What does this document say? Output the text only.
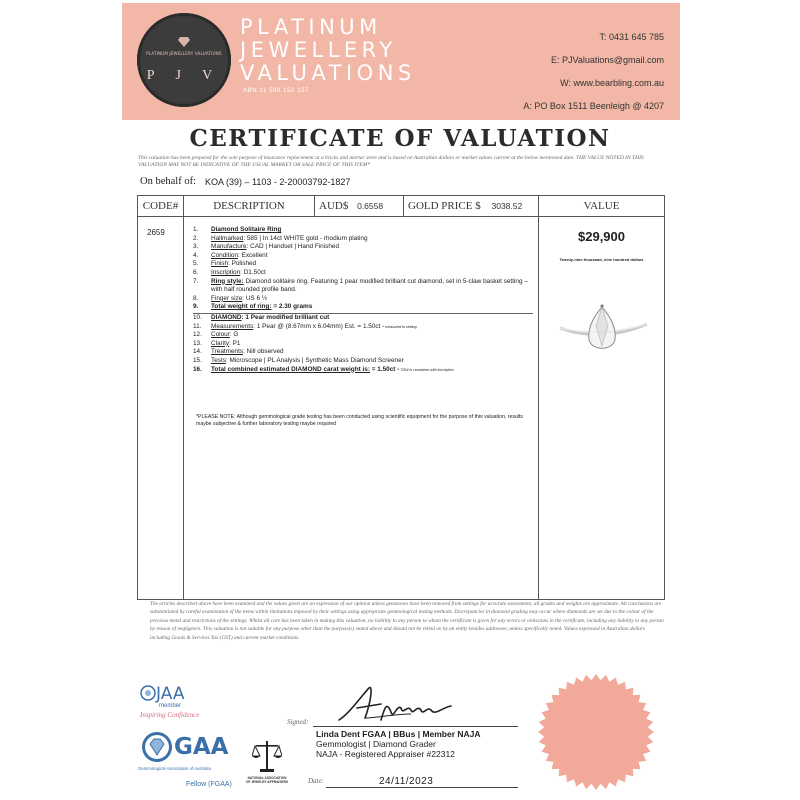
PLATINUM JEWELLERY VALUATIONS
P J V
PLATINUM
JEWELLERY
VALUATIONS
ABN 11 588 152 157
T: 0431 645 785
E: PJValuations@gmail.com
W: www.bearbling.com.au
A: PO Box 1511 Beenleigh @ 4207
CERTIFICATE OF VALUATION
This valuation has been prepared for the sole purpose of insurance replacement at a bricks and mortar store and is based on Australian dollars or market values current at the below mentioned date. THE VALUE NOTED IN THIS VALUATION MAY NOT BE INDICATIVE OF THE USUAL MARKET OR SALE PRICE OF THIS ITEM*
On behalf of: KOA (39) – 1103 - 2-20003792-1827
CODE#	DESCRIPTION	AUD$ 0.6558	GOLD PRICE $ 3038.52	VALUE
2659	1. Diamond Solitaire Ring
2. Hallmarked: 585 | In 14ct WHITE gold - rhodium plating
3. Manufacture: CAD | Handset | Hand Finished
4. Condition: Excellent
5. Finish: Polished
6. Inscription: D1.50ct
7. Ring style: Diamond solitaire ring. Featuring 1 pear modified brilliant cut diamond, set in 5-claw basket setting – with half rounded profile band.
8. Finger size: US 6 ½
9. Total weight of ring: = 2.30 grams
10. DIAMOND: 1 Pear modified brilliant cut
11. Measurements: 1 Pear @ (8.67mm x 6.04mm) Est. = 1.50ct - measured in setting
12. Colour: G
13. Clarity: P1
14. Treatments: Nill observed
15. Tests: Microscope | PL Analysis | Synthetic Mass Diamond Screener
16. Total combined estimated DIAMOND carat weight is: = 1.50ct - TDW is consistent with inscription
*PLEASE NOTE: Although gemmological grade testing has been conducted using scientific equipment for the purpose of this valuation, results maybe subjective & further laboratory testing maybe required
$29,900
Twenty-nine thousand, nine hundred dollars
The articles described above have been examined and the values given are an expression of our opinion unless gemstones have been removed from settings for accurate assessment, all grades and weights are approximate. All conclusions are substantiated by careful examination of the items within limitations imposed by their settings using appropriate gemmological testing methods. Discrepancies in diamond grading may occur where diamonds are set due to the colour of the precious metal and restrictions of the settings. Whilst all care has been taken in making this valuation, no liability to any person to whom the certificate is given for any errors or omissions in the certificate, including any liability to any person by reason of negligence. This valuation is not suitable for any purpose other than the purpose(s) stated above and should not be relied on by an entity besides addressee, unless specifically noted. Values expressed in Australian dollars including Goods & Services Tax (GST) and current market conditions.
JAA
member
Inspiring Confidence
GAA
Gemmological Association of Australia
Fellow (FGAA)
NATIONAL ASSOCIATION OF JEWELRY APPRAISERS
Signed:
Linda Dent FGAA | BBus | Member NAJA
Gemmologist | Diamond Grader
NAJA - Registered Appraiser #22312
Date:	24/11/2023
